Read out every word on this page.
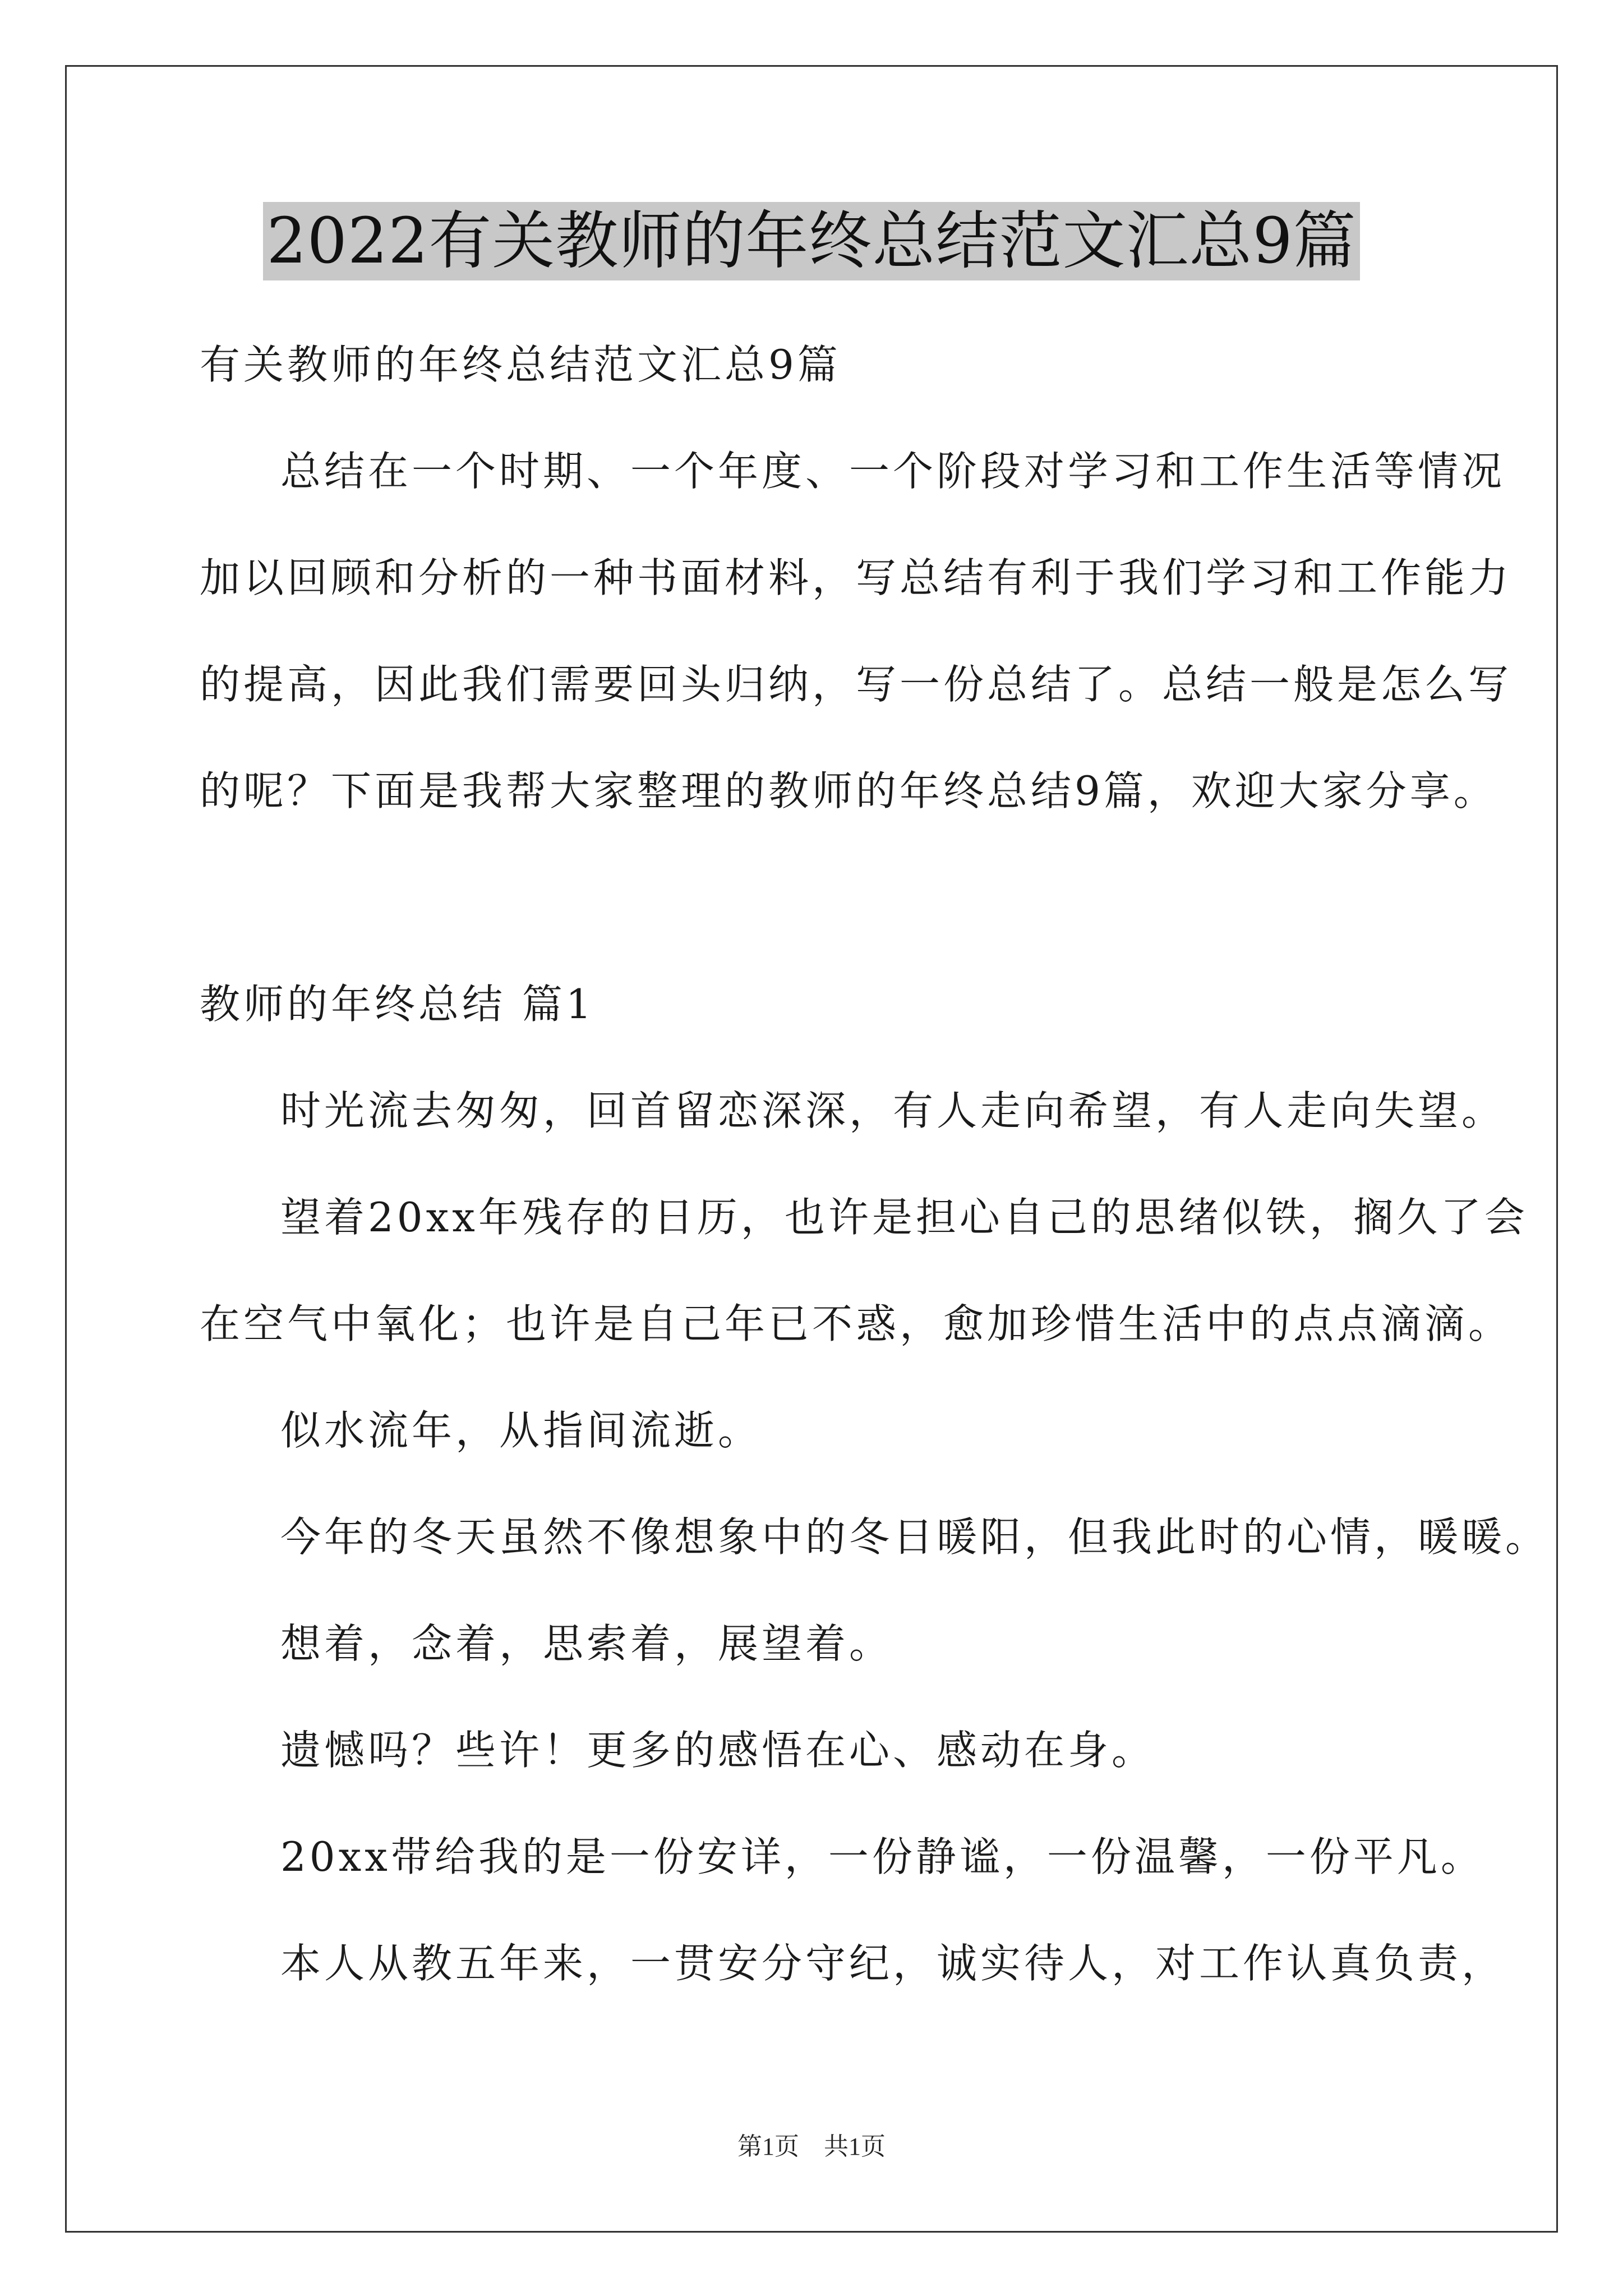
2022有关教师的年终总结范文汇总9篇
有关教师的年终总结范文汇总9篇
总结在一个时期、一个年度、一个阶段对学习和工作生活等情况
加以回顾和分析的一种书面材料，写总结有利于我们学习和工作能力
的提高，因此我们需要回头归纳，写一份总结了。总结一般是怎么写
的呢？下面是我帮大家整理的教师的年终总结9篇，欢迎大家分享。
教师的年终总结 篇1
时光流去匆匆，回首留恋深深，有人走向希望，有人走向失望。
望着20xx年残存的日历，也许是担心自己的思绪似铁，搁久了会
在空气中氧化；也许是自己年已不惑，愈加珍惜生活中的点点滴滴。
似水流年，从指间流逝。
今年的冬天虽然不像想象中的冬日暖阳，但我此时的心情，暖暖。
想着，念着，思索着，展望着。
遗憾吗？些许！更多的感悟在心、感动在身。
20xx带给我的是一份安详，一份静谧，一份温馨，一份平凡。
本人从教五年来，一贯安分守纪，诚实待人，对工作认真负责，
第1页　共1页
